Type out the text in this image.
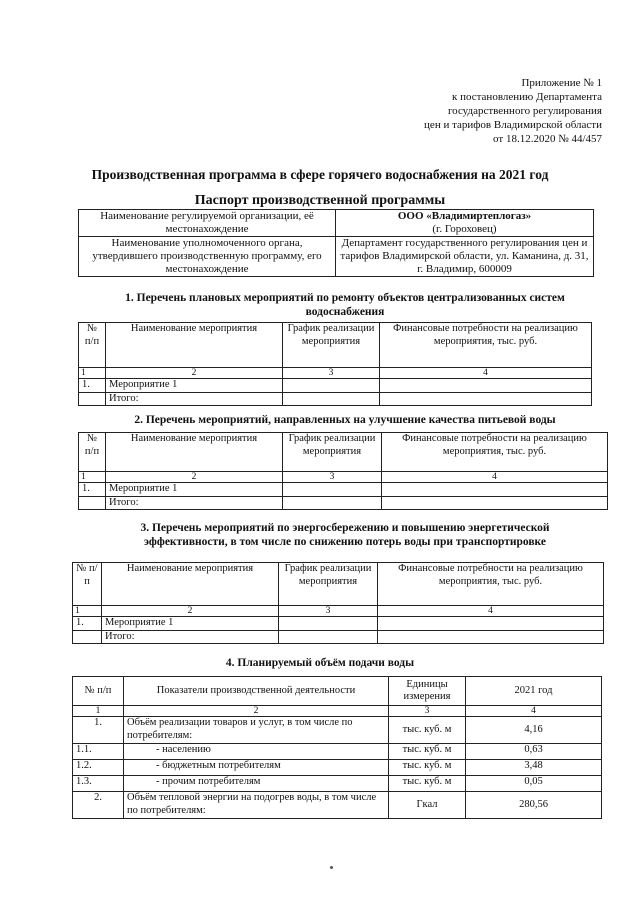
Приложение № 1
к постановлению Департамента
государственного регулирования
цен и тарифов Владимирской области
от 18.12.2020 № 44/457
Производственная программа в сфере горячего водоснабжения на 2021 год
Паспорт производственной программы
Наименование регулируемой организации, её местонахождение	ООО «Владимиртеплогаз»
(г. Гороховец)

Наименование уполномоченного органа, утвердившего производственную программу, его местонахождение	Департамент государственного регулирования цен и тарифов Владимирской области, ул. Каманина, д. 31, г. Владимир, 600009
1. Перечень плановых мероприятий по ремонту объектов централизованных систем водоснабжения
№ п/п	Наименование мероприятия	График реализации мероприятия	Финансовые потребности на реализацию мероприятия, тыс. руб.
1	2	3	4
1.	Мероприятие 1		
	Итого:		
2. Перечень мероприятий, направленных на улучшение качества питьевой воды
№ п/п	Наименование мероприятия	График реализации мероприятия	Финансовые потребности на реализацию мероприятия, тыс. руб.
1	2	3	4
1.	Мероприятие 1		
	Итого:		
3. Перечень мероприятий по энергосбережению и повышению энергетической эффективности, в том числе по снижению потерь воды при транспортировке
№ п/п	Наименование мероприятия	График реализации мероприятия	Финансовые потребности на реализацию мероприятия, тыс. руб.
1	2	3	4
1.	Мероприятие 1		
	Итого:		
4. Планируемый объём подачи воды
№ п/п	Показатели производственной деятельности	Единицы измерения	2021 год
1	2	3	4
1.	Объём реализации товаров и услуг, в том числе по потребителям:	тыс. куб. м	4,16
1.1.	- населению	тыс. куб. м	0,63
1.2.	- бюджетным потребителям	тыс. куб. м	3,48
1.3.	- прочим потребителям	тыс. куб. м	0,05
2.	Объём тепловой энергии на подогрев воды, в том числе по потребителям:	Гкал	280,56
